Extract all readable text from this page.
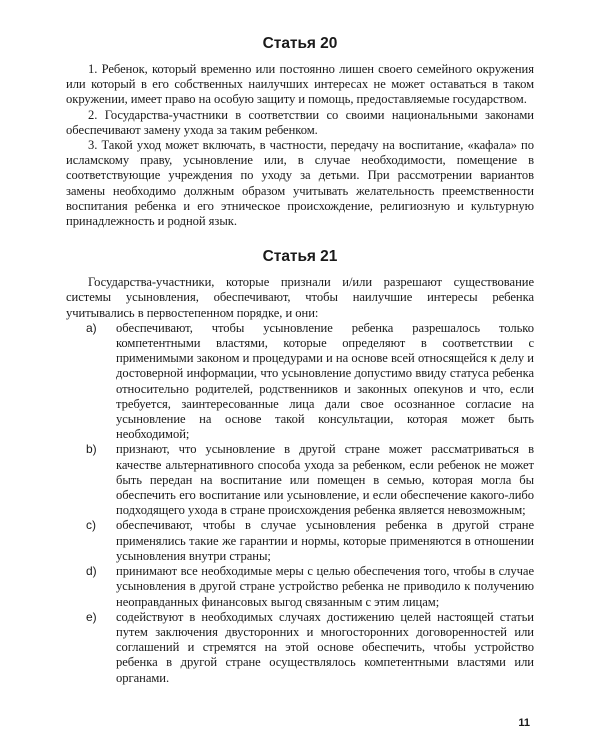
Статья 20

1. Ребенок, который временно или постоянно лишен своего семейного окружения или который в его собственных наилучших интересах не может оставаться в таком окружении, имеет право на особую защиту и помощь, предоставляемые государством.

2. Государства-участники в соответствии со своими национальными законами обеспечивают замену ухода за таким ребенком.

3. Такой уход может включать, в частности, передачу на воспитание, «кафала» по исламскому праву, усыновление или, в случае необходимости, помещение в соответствующие учреждения по уходу за детьми. При рассмотрении вариантов замены необходимо должным образом учитывать желательность преемственности воспитания ребенка и его этническое происхождение, религиозную и культурную принадлежность и родной язык.

Статья 21

Государства-участники, которые признали и/или разрешают существование системы усыновления, обеспечивают, чтобы наилучшие интересы ребенка учитывались в первостепенном порядке, и они:

a) обеспечивают, чтобы усыновление ребенка разрешалось только компетентными властями, которые определяют в соответствии с применимыми законом и процедурами и на основе всей относящейся к делу и достоверной информации, что усыновление допустимо ввиду статуса ребенка относительно родителей, родственников и законных опекунов и что, если требуется, заинтересованные лица дали свое осознанное согласие на усыновление на основе такой консультации, которая может быть необходимой;
b) признают, что усыновление в другой стране может рассматриваться в качестве альтернативного способа ухода за ребенком, если ребенок не может быть передан на воспитание или помещен в семью, которая могла бы обеспечить его воспитание или усыновление, и если обеспечение какого-либо подходящего ухода в стране происхождения ребенка является невозможным;
c) обеспечивают, чтобы в случае усыновления ребенка в другой стране применялись такие же гарантии и нормы, которые применяются в отношении усыновления внутри страны;
d) принимают все необходимые меры с целью обеспечения того, чтобы в случае усыновления в другой стране устройство ребенка не приводило к получению неоправданных финансовых выгод связанным с этим лицам;
e) содействуют в необходимых случаях достижению целей настоящей статьи путем заключения двусторонних и многосторонних договоренностей или соглашений и стремятся на этой основе обеспечить, чтобы устройство ребенка в другой стране осуществлялось компетентными властями или органами.
11
